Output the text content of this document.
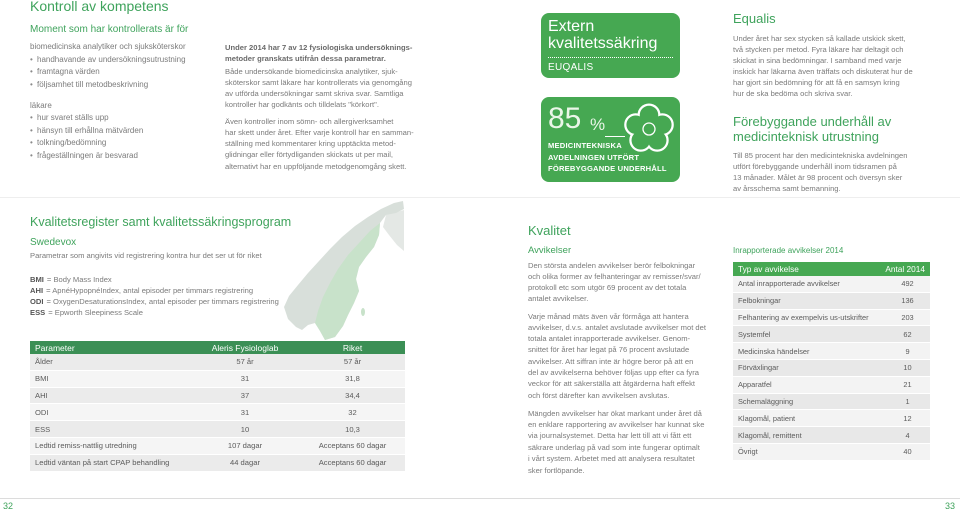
Kontroll av kompetens
Moment som har kontrollerats är för
biomedicinska analytiker och sjuksköterskor
• handhavande av undersökningsutrustning
• framtagna värden
• följsamhet till metodbeskrivning
läkare
• hur svaret ställs upp
• hänsyn till erhållna mätvärden
• tolkning/bedömning
• frågeställningen är besvarad
Under 2014 har 7 av 12 fysiologiska undersöknings-
metoder granskats utifrån dessa parametrar.
Både undersökande biomedicinska analytiker, sjuk-
sköterskor samt läkare har kontrollerats via genomgång
av utförda undersökningar samt skriva svar. Samtliga
kontroller har godkänts och tilldelats "körkort".
Även kontroller inom sömn- och allergiverksamhet
har skett under året. Efter varje kontroll har en samman-
ställning med kommentarer kring upptäckta metod-
glidningar eller förtydliganden skickats ut per mail,
alternativt har en uppföljande metodgenomgång skett.
Extern
kvalitetssäkring
EUQALIS
85 %
MEDICINTEKNISKA
AVDELNINGEN UTFÖRT
FÖREBYGGANDE UNDERHÅLL
Equalis
Under året har sex stycken så kallade utskick skett,
två stycken per metod. Fyra läkare har deltagit och
skickat in sina bedömningar. I samband med varje
inskick har läkarna även träffats och diskuterat hur de
har gjort sin bedömning för att få en samsyn kring
hur de ska bedöma och skriva svar.
Förebyggande underhåll av
medicinteknisk utrustning
Till 85 procent har den medicintekniska avdelningen
utfört förebyggande underhåll inom tidsramen på
13 månader. Målet är 98 procent och översyn sker
av årsschema samt bemanning.
Kvalitetsregister samt kvalitetssäkringsprogram
Swedevox
Parametrar som angivits vid registrering kontra hur det ser ut för riket
BMI = Body Mass Index
AHI = ApnéHypopnéIndex, antal episoder per timmars registrering
ODI = OxygenDesaturationsIndex, antal episoder per timmars registrering
ESS = Epworth Sleepiness Scale
Parameter	Aleris Fysiologlab	Riket
Ålder	57 år	57 år
BMI	31	31,8
AHI	37	34,4
ODI	31	32
ESS	10	10,3
Ledtid remiss-nattlig utredning	107 dagar	Acceptans 60 dagar
Ledtid väntan på start CPAP behandling	44 dagar	Acceptans 60 dagar
Kvalitet
Avvikelser
Den största andelen avvikelser berör felbokningar
och olika former av felhanteringar av remisser/svar/
protokoll etc som utgör 69 procent av det totala
antalet avvikelser.
Varje månad mäts även vår förmåga att hantera
avvikelser, d.v.s. antalet avslutade avvikelser mot det
totala antalet inrapporterade avvikelser. Genom-
snittet för året har legat på 76 procent avslutade
avvikelser. Att siffran inte är högre beror på att en
del av avvikelserna behöver följas upp efter ca fyra
veckor för att säkerställa att åtgärderna haft effekt
och först därefter kan avvikelsen avslutas.
Mängden avvikelser har ökat markant under året då
en enklare rapportering av avvikelser har kunnat ske
via journalsystemet. Detta har lett till att vi fått ett
säkrare underlag på vad som inte fungerar optimalt
i vårt system. Arbetet med att analysera resultatet
sker fortlöpande.
Inrapporterade avvikelser 2014
Typ av avvikelse	Antal 2014
Antal inrapporterade avvikelser	492
Felbokningar	136
Felhantering av exempelvis us-utskrifter	203
Systemfel	62
Medicinska händelser	9
Förväxlingar	10
Apparatfel	21
Schemaläggning	1
Klagomål, patient	12
Klagomål, remittent	4
Övrigt	40
32	33
